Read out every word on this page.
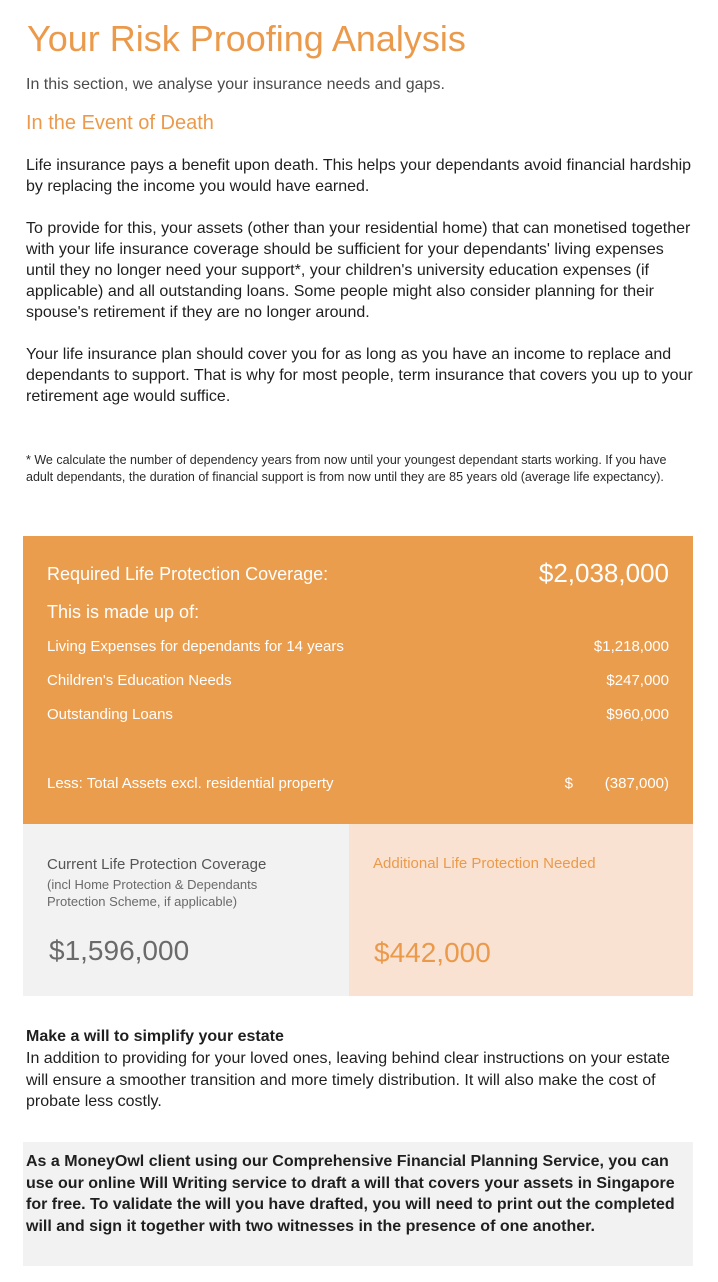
Your Risk Proofing Analysis
In this section, we analyse your insurance needs and gaps.
In the Event of Death

Life insurance pays a benefit upon death. This helps your dependants avoid financial hardship by replacing the income you would have earned.

To provide for this, your assets (other than your residential home) that can monetised together with your life insurance coverage should be sufficient for your dependants' living expenses until they no longer need your support*, your children's university education expenses (if applicable) and all outstanding loans. Some people might also consider planning for their spouse's retirement if they are no longer around.

Your life insurance plan should cover you for as long as you have an income to replace and dependants to support. That is why for most people, term insurance that covers you up to your retirement age would suffice.

* We calculate the number of dependency years from now until your youngest dependant starts working. If you have adult dependants, the duration of financial support is from now until they are 85 years old (average life expectancy).

Required Life Protection Coverage:	$2,038,000
This is made up of:
Living Expenses for dependants for 14 years	$1,218,000
Children's Education Needs	$247,000
Outstanding Loans	$960,000
Less: Total Assets excl. residential property	$ (387,000)
Current Life Protection Coverage

(incl Home Protection & Dependants Protection Scheme, if applicable)

$1,596,000
Additional Life Protection Needed
$442,000
Make a will to simplify your estate

In addition to providing for your loved ones, leaving behind clear instructions on your estate will ensure a smoother transition and more timely distribution. It will also make the cost of probate less costly.

As a MoneyOwl client using our Comprehensive Financial Planning Service, you can use our online Will Writing service to draft a will that covers your assets in Singapore for free. To validate the will you have drafted, you will need to print out the completed will and sign it together with two witnesses in the presence of one another.
